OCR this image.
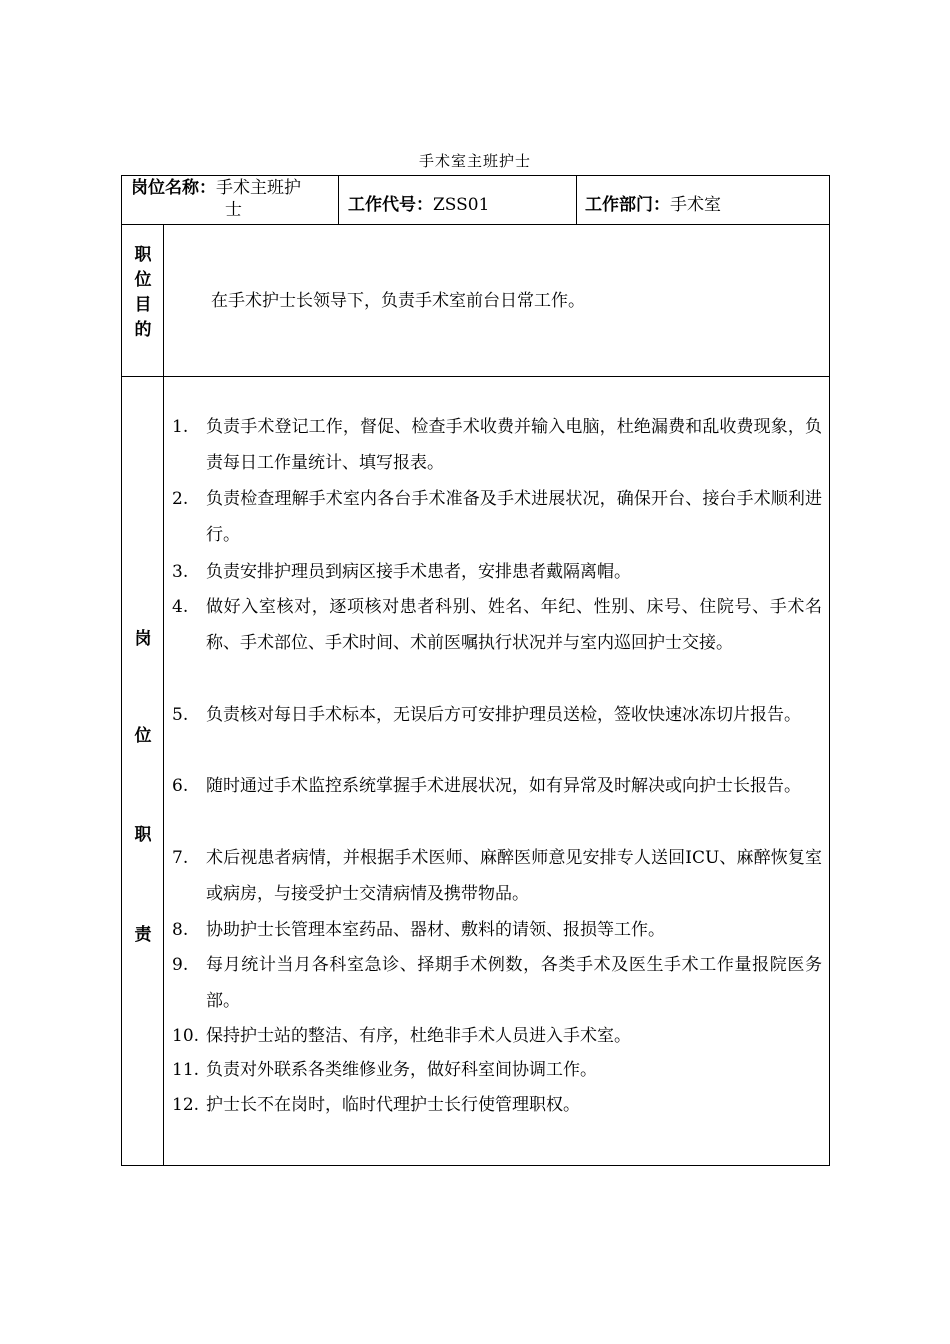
手术室主班护士
岗位名称：手术主班护
士	工作代号：ZSS01	工作部门：手术室
职
位
目
的
在手术护士长领导下，负责手术室前台日常工作。
岗
位
职
责
1. 负责手术登记工作，督促、检查手术收费并输入电脑，杜绝漏费和乱收费现象，负责每日工作量统计、填写报表。
2. 负责检查理解手术室内各台手术准备及手术进展状况，确保开台、接台手术顺利进行。
3. 负责安排护理员到病区接手术患者，安排患者戴隔离帽。
4. 做好入室核对，逐项核对患者科别、姓名、年纪、性别、床号、住院号、手术名称、手术部位、手术时间、术前医嘱执行状况并与室内巡回护士交接。
5. 负责核对每日手术标本，无误后方可安排护理员送检，签收快速冰冻切片报告。
6. 随时通过手术监控系统掌握手术进展状况，如有异常及时解决或向护士长报告。
7. 术后视患者病情，并根据手术医师、麻醉医师意见安排专人送回ICU、麻醉恢复室或病房，与接受护士交清病情及携带物品。
8. 协助护士长管理本室药品、器材、敷料的请领、报损等工作。
9. 每月统计当月各科室急诊、择期手术例数，各类手术及医生手术工作量报院医务部。
10. 保持护士站的整洁、有序，杜绝非手术人员进入手术室。
11. 负责对外联系各类维修业务，做好科室间协调工作。
12. 护士长不在岗时，临时代理护士长行使管理职权。
